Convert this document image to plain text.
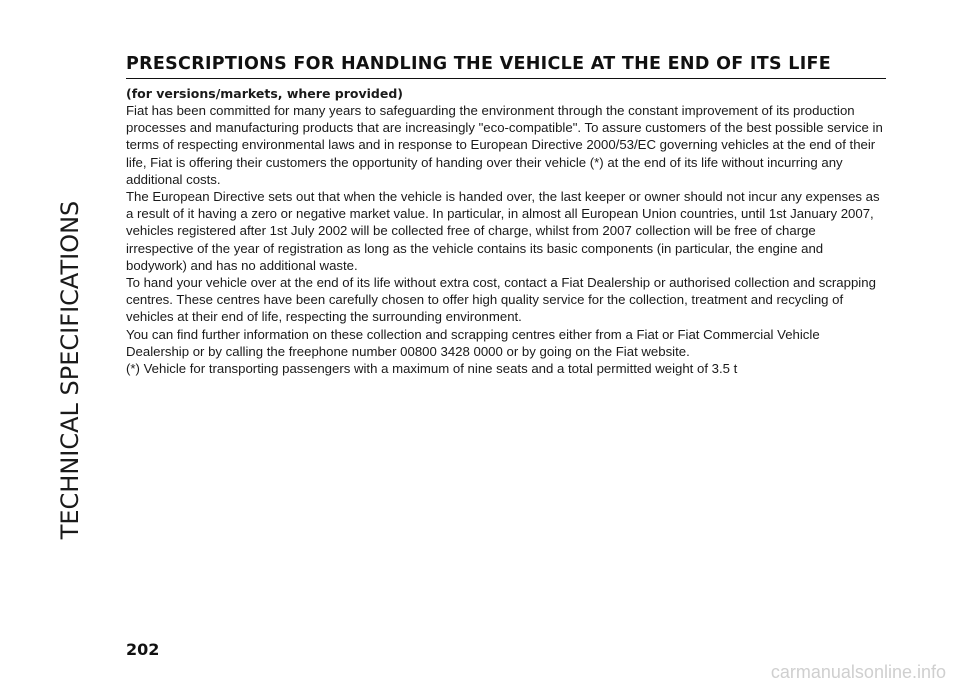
TECHNICAL SPECIFICATIONS
PRESCRIPTIONS FOR HANDLING THE VEHICLE AT THE END OF ITS LIFE

(for versions/markets, where provided)

Fiat has been committed for many years to safeguarding the environment through the constant improvement of its production processes and manufacturing products that are increasingly "eco-compatible". To assure customers of the best possible service in terms of respecting environmental laws and in response to European Directive 2000/53/EC governing vehicles at the end of their life, Fiat is offering their customers the opportunity of handing over their vehicle (*) at the end of its life without incurring any additional costs.

The European Directive sets out that when the vehicle is handed over, the last keeper or owner should not incur any expenses as a result of it having a zero or negative market value. In particular, in almost all European Union countries, until 1st January 2007, vehicles registered after 1st July 2002 will be collected free of charge, whilst from 2007 collection will be free of charge irrespective of the year of registration as long as the vehicle contains its basic components (in particular, the engine and bodywork) and has no additional waste.

To hand your vehicle over at the end of its life without extra cost, contact a Fiat Dealership or authorised collection and scrapping centres. These centres have been carefully chosen to offer high quality service for the collection, treatment and recycling of vehicles at their end of life, respecting the surrounding environment.

You can find further information on these collection and scrapping centres either from a Fiat or Fiat Commercial Vehicle Dealership or by calling the freephone number 00800 3428 0000 or by going on the Fiat website.

(*) Vehicle for transporting passengers with a maximum of nine seats and a total permitted weight of 3.5 t

202
carmanualsonline.info
